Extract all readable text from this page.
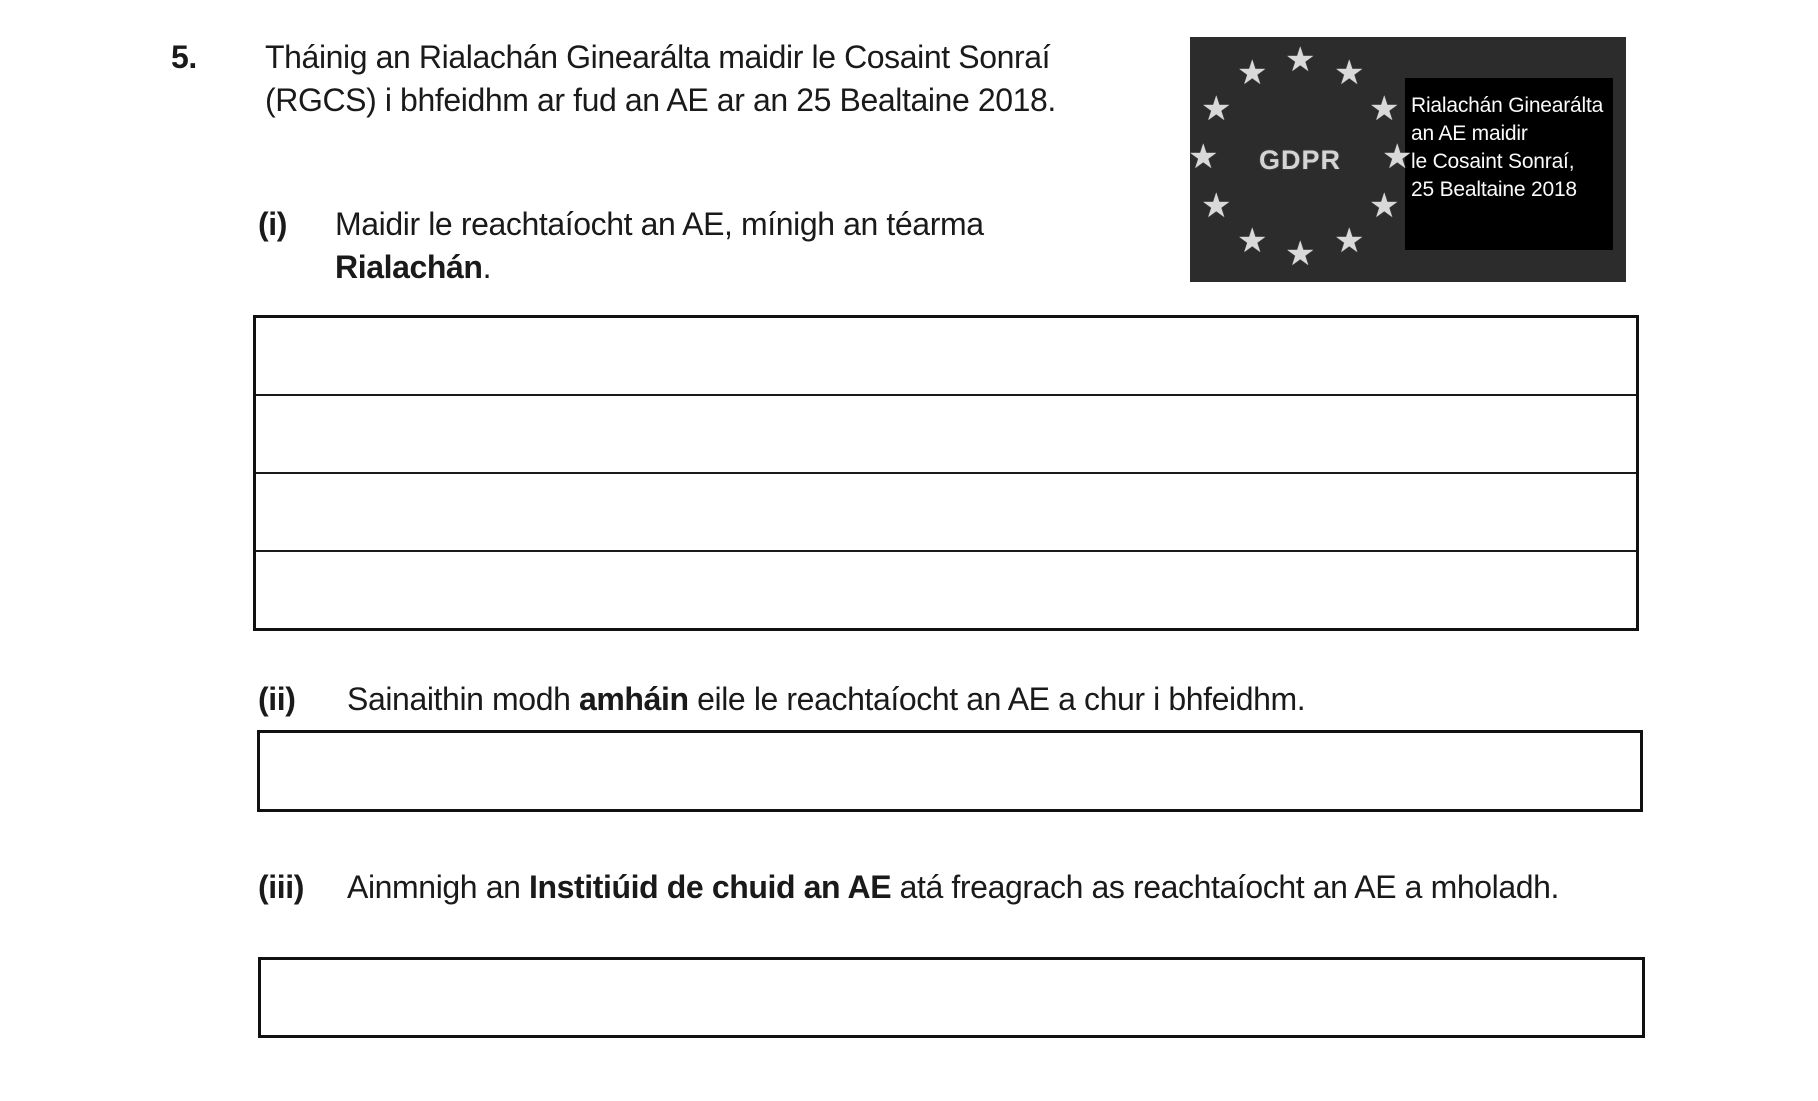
5. Tháinig an Rialachán Ginearálta maidir le Cosaint Sonraí
(RGCS) i bhfeidhm ar fud an AE ar an 25 Bealtaine 2018.
★ ★
★
★
★
★
★
★
★
★
★
★
GDPR
Rialachán Ginearálta
an AE maidir
le Cosaint Sonraí,
25 Bealtaine 2018
(i) Maidir le reachtaíocht an AE, mínigh an téarma
Rialachán.
(ii) Sainaithin modh amháin eile le reachtaíocht an AE a chur i bhfeidhm.
(iii) Ainmnigh an Institiúid de chuid an AE atá freagrach as reachtaíocht an AE a mholadh.
